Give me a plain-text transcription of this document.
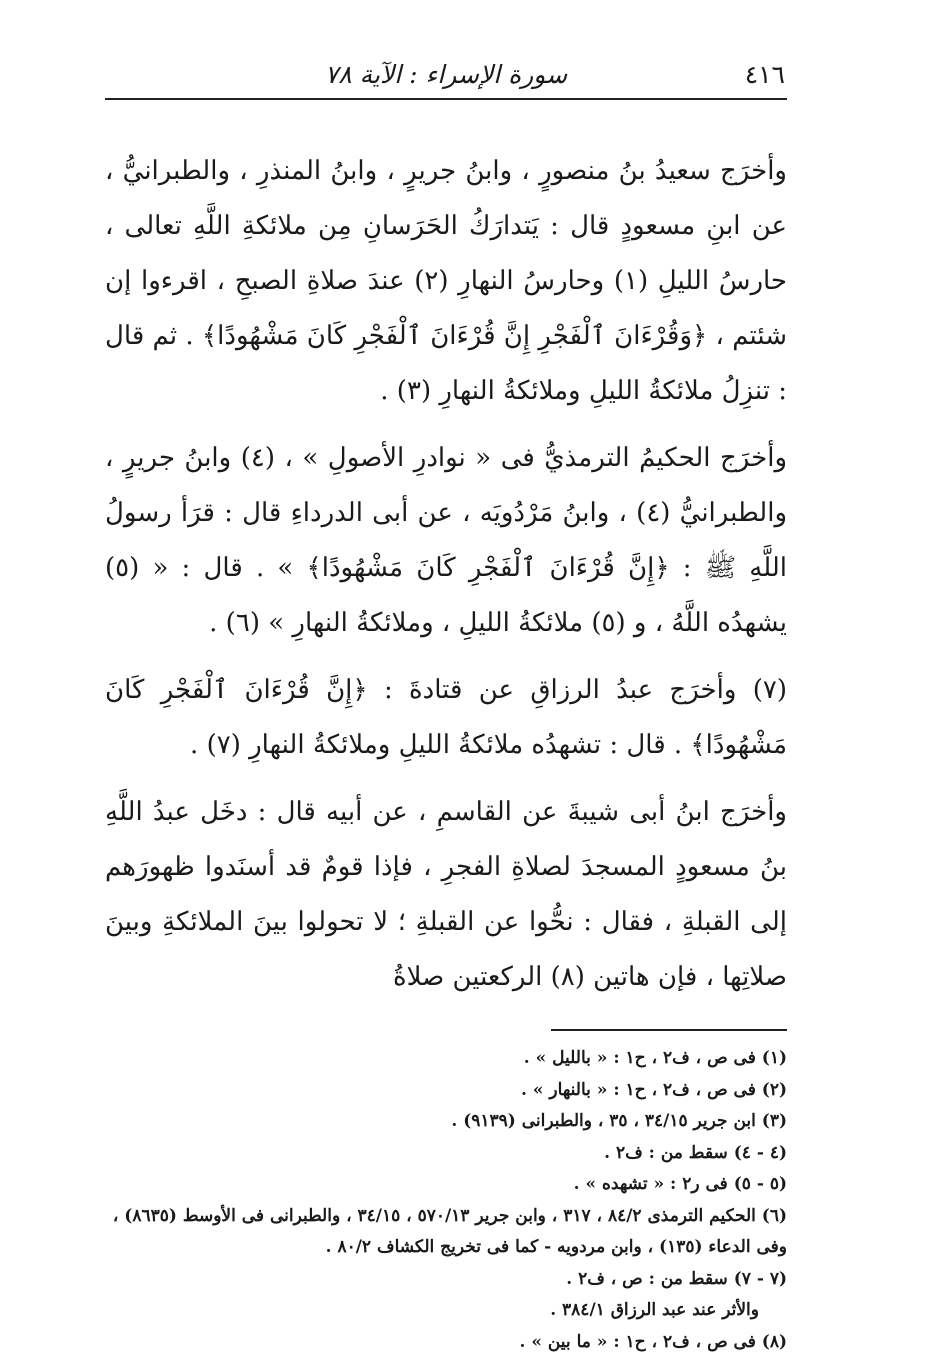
٤١٦
سورة الإسراء : الآية ٧٨

وأخرَج سعيدُ بنُ منصورٍ ، وابنُ جريرٍ ، وابنُ المنذرِ ، والطبرانيُّ ، عن ابنِ مسعودٍ قال : يَتدارَكُ الحَرَسانِ مِن ملائكةِ اللَّهِ تعالى ، حارسُ الليلِ (١) وحارسُ النهارِ (٢) عندَ صلاةِ الصبحِ ، اقرءوا إن شئتم ، ﴿وَقُرْءَانَ ٱلْفَجْرِ إِنَّ قُرْءَانَ ٱلْفَجْرِ كَانَ مَشْهُودًا﴾ . ثم قال : تنزِلُ ملائكةُ الليلِ وملائكةُ النهارِ (٣) .

وأخرَج الحكيمُ الترمذيُّ فى « نوادرِ الأصولِ » ، (٤) وابنُ جريرٍ ، والطبرانيُّ (٤) ، وابنُ مَرْدُويَه ، عن أبى الدرداءِ قال : قرَأ رسولُ اللَّهِ ﷺ : ﴿إِنَّ قُرْءَانَ ٱلْفَجْرِ كَانَ مَشْهُودًا﴾ » . قال : « (٥) يشهدُه اللَّهُ ، و (٥) ملائكةُ الليلِ ، وملائكةُ النهارِ » (٦) .

(٧) وأخرَج عبدُ الرزاقِ عن قتادةَ : ﴿إِنَّ قُرْءَانَ ٱلْفَجْرِ كَانَ مَشْهُودًا﴾ . قال : تشهدُه ملائكةُ الليلِ وملائكةُ النهارِ (٧) .

وأخرَج ابنُ أبى شيبةَ عن القاسمِ ، عن أبيه قال : دخَل عبدُ اللَّهِ بنُ مسعودٍ المسجدَ لصلاةِ الفجرِ ، فإذا قومٌ قد أسنَدوا ظهورَهم إلى القبلةِ ، فقال : نحُّوا عن القبلةِ ؛ لا تحولوا بينَ الملائكةِ وبينَ صلاتِها ، فإن هاتين (٨) الركعتين صلاةُ

(١) فى ص ، ف٢ ، ح١ : « بالليل » .

(٢) فى ص ، ف٢ ، ح١ : « بالنهار » .

(٣) ابن جرير ٣٤/١٥ ، ٣٥ ، والطبرانى (٩١٣٩) .

(٤ - ٤) سقط من : ف٢ .

(٥ - ٥) فى ر٢ : « تشهده » .

(٦) الحكيم الترمذى ٨٤/٢ ، ٣١٧ ، وابن جرير ٥٧٠/١٣ ، ٣٤/١٥ ، والطبرانى فى الأوسط (٨٦٣٥) ، وفى الدعاء (١٣٥) ، وابن مردويه - كما فى تخريج الكشاف ٨٠/٢ .

(٧ - ٧) سقط من : ص ، ف٢ .

والأثر عند عبد الرزاق ٣٨٤/١ .

(٨) فى ص ، ف٢ ، ح١ : « ما بين » .
